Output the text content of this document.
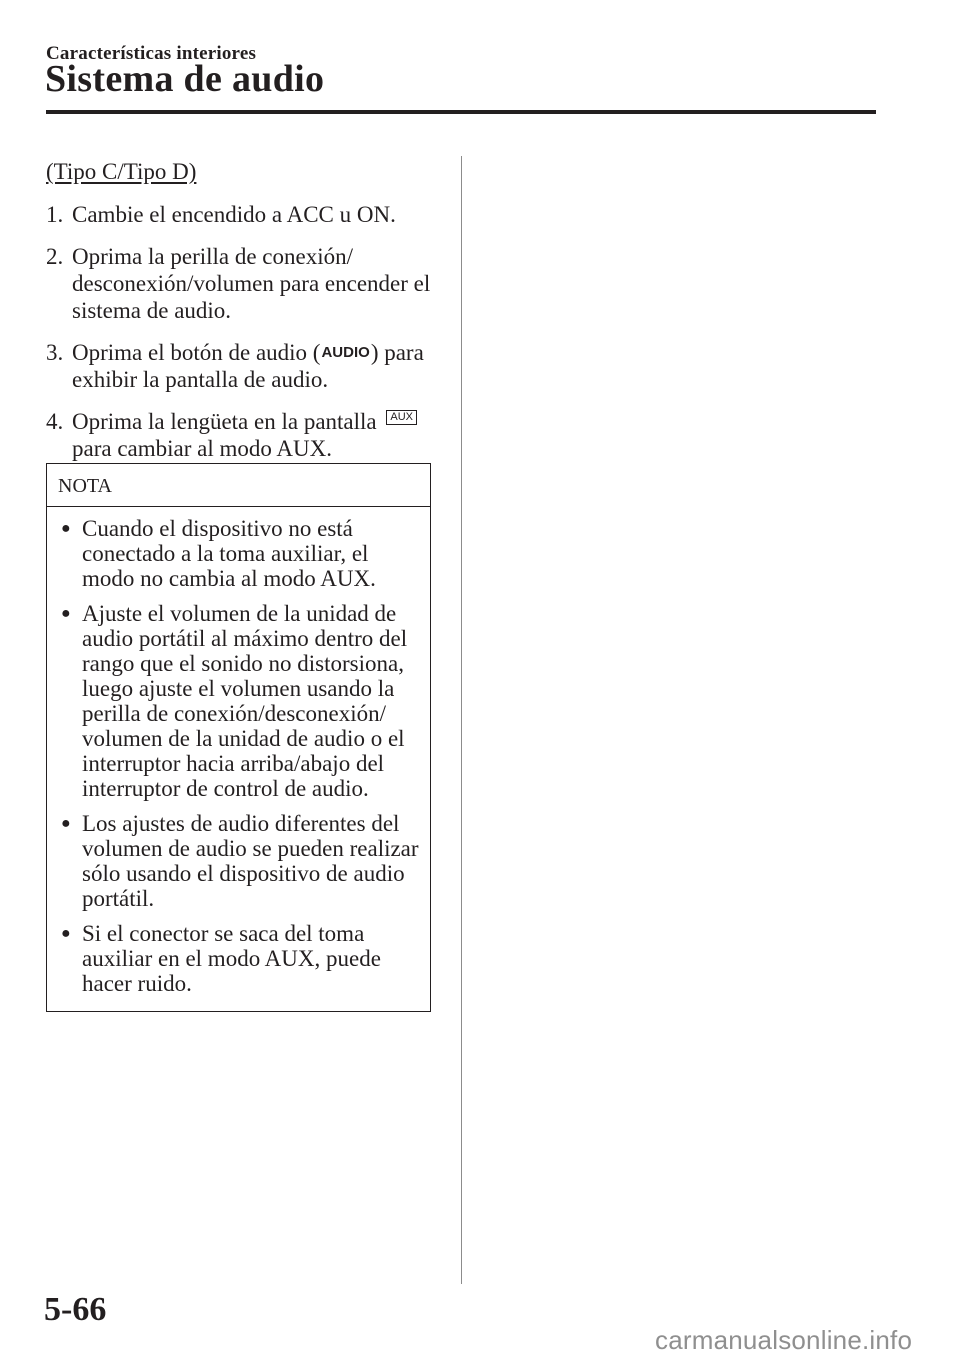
Características interiores
Sistema de audio
(Tipo C/Tipo D)
1. Cambie el encendido a ACC u ON.
2. Oprima la perilla de conexión/ desconexión/volumen para encender el sistema de audio.
3. Oprima el botón de audio (AUDIO) para exhibir la pantalla de audio.
4. Oprima la lengüeta en la pantalla AUX
para cambiar al modo AUX.
NOTA
● Cuando el dispositivo no está conectado a la toma auxiliar, el modo no cambia al modo AUX.
● Ajuste el volumen de la unidad de audio portátil al máximo dentro del rango que el sonido no distorsiona, luego ajuste el volumen usando la perilla de conexión/desconexión/ volumen de la unidad de audio o el interruptor hacia arriba/abajo del interruptor de control de audio.
● Los ajustes de audio diferentes del volumen de audio se pueden realizar sólo usando el dispositivo de audio portátil.
● Si el conector se saca del toma auxiliar en el modo AUX, puede hacer ruido.
5-66
carmanualsonline.info
